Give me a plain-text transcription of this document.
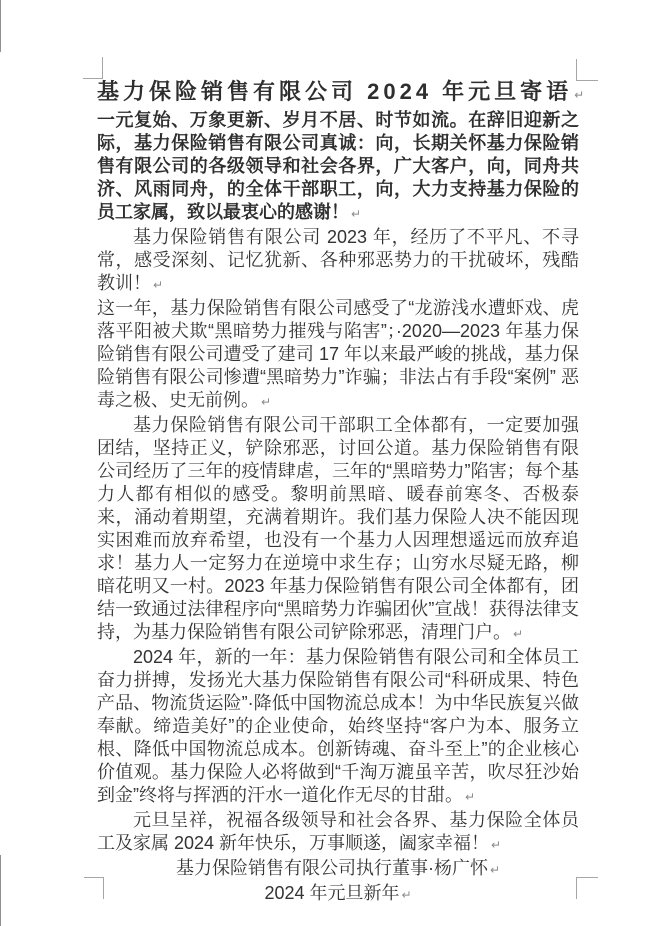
基力保险销售有限公司 2024 年元旦寄语 ↵

一元复始、万象更新、岁月不居、时节如流。在辞旧迎新之际，基力保险销售有限公司真诚：向，长期关怀基力保险销售有限公司的各级领导和社会各界，广大客户，向，同舟共济、风雨同舟，的全体干部职工，向，大力支持基力保险的员工家属，致以最衷心的感谢！ ↵

基力保险销售有限公司 2023 年，经历了不平凡、不寻常，感受深刻、记忆犹新、各种邪恶势力的干扰破坏，残酷教训！ ↵

这一年，基力保险销售有限公司感受了“龙游浅水遭虾戏、虎落平阳被犬欺“黑暗势力摧残与陷害”；·2020—2023 年基力保险销售有限公司遭受了建司 17 年以来最严峻的挑战，基力保险销售有限公司惨遭“黑暗势力”诈骗；非法占有手段“案例” 恶毒之极、史无前例。 ↵

基力保险销售有限公司干部职工全体都有，一定要加强团结，坚持正义，铲除邪恶，讨回公道。基力保险销售有限公司经历了三年的疫情肆虐，三年的“黑暗势力”陷害；每个基力人都有相似的感受。黎明前黑暗、暖春前寒冬、否极泰来，涌动着期望，充满着期许。我们基力保险人决不能因现实困难而放弃希望，也没有一个基力人因理想遥远而放弃追求！基力人一定努力在逆境中求生存；山穷水尽疑无路，柳暗花明又一村。2023 年基力保险销售有限公司全体都有，团结一致通过法律程序向“黑暗势力诈骗团伙”宣战！获得法律支持，为基力保险销售有限公司铲除邪恶，清理门户。 ↵

2024 年，新的一年：基力保险销售有限公司和全体员工奋力拼搏，发扬光大基力保险销售有限公司“科研成果、特色产品、物流货运险”·降低中国物流总成本！为中华民族复兴做奉献。缔造美好”的企业使命，始终坚持“客户为本、服务立根、降低中国物流总成本。创新铸魂、奋斗至上”的企业核心价值观。基力保险人必将做到“千淘万漉虽辛苦，吹尽狂沙始到金”终将与挥洒的汗水一道化作无尽的甘甜。 ↵

元旦呈祥，祝福各级领导和社会各界、基力保险全体员工及家属 2024 新年快乐，万事顺遂，阖家幸福！ ↵

基力保险销售有限公司执行董事·杨广怀 ↵

2024 年元旦新年 ↵
